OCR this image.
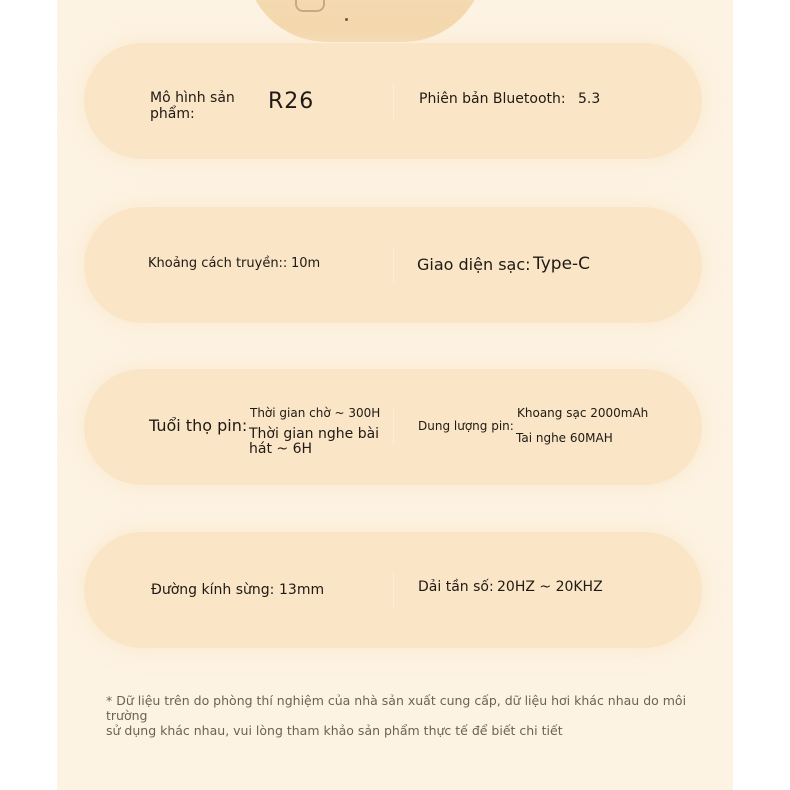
Mô hình sản phẩm:	R26	Phiên bản Bluetooth: 5.3
Khoảng cách truyền:: 10m	Giao diện sạc: Type-C
Tuổi thọ pin:
Thời gian chờ ~ 300H
Thời gian nghe bài
hát ~ 6H
Dung lượng pin:
Khoang sạc 2000mAh
Tai nghe 60MAH
Đường kính sừng: 13mm	Dải tần số: 20HZ ~ 20KHZ
* Dữ liệu trên do phòng thí nghiệm của nhà sản xuất cung cấp, dữ liệu hơi khác nhau do môi trường
sử dụng khác nhau, vui lòng tham khảo sản phẩm thực tế để biết chi tiết
